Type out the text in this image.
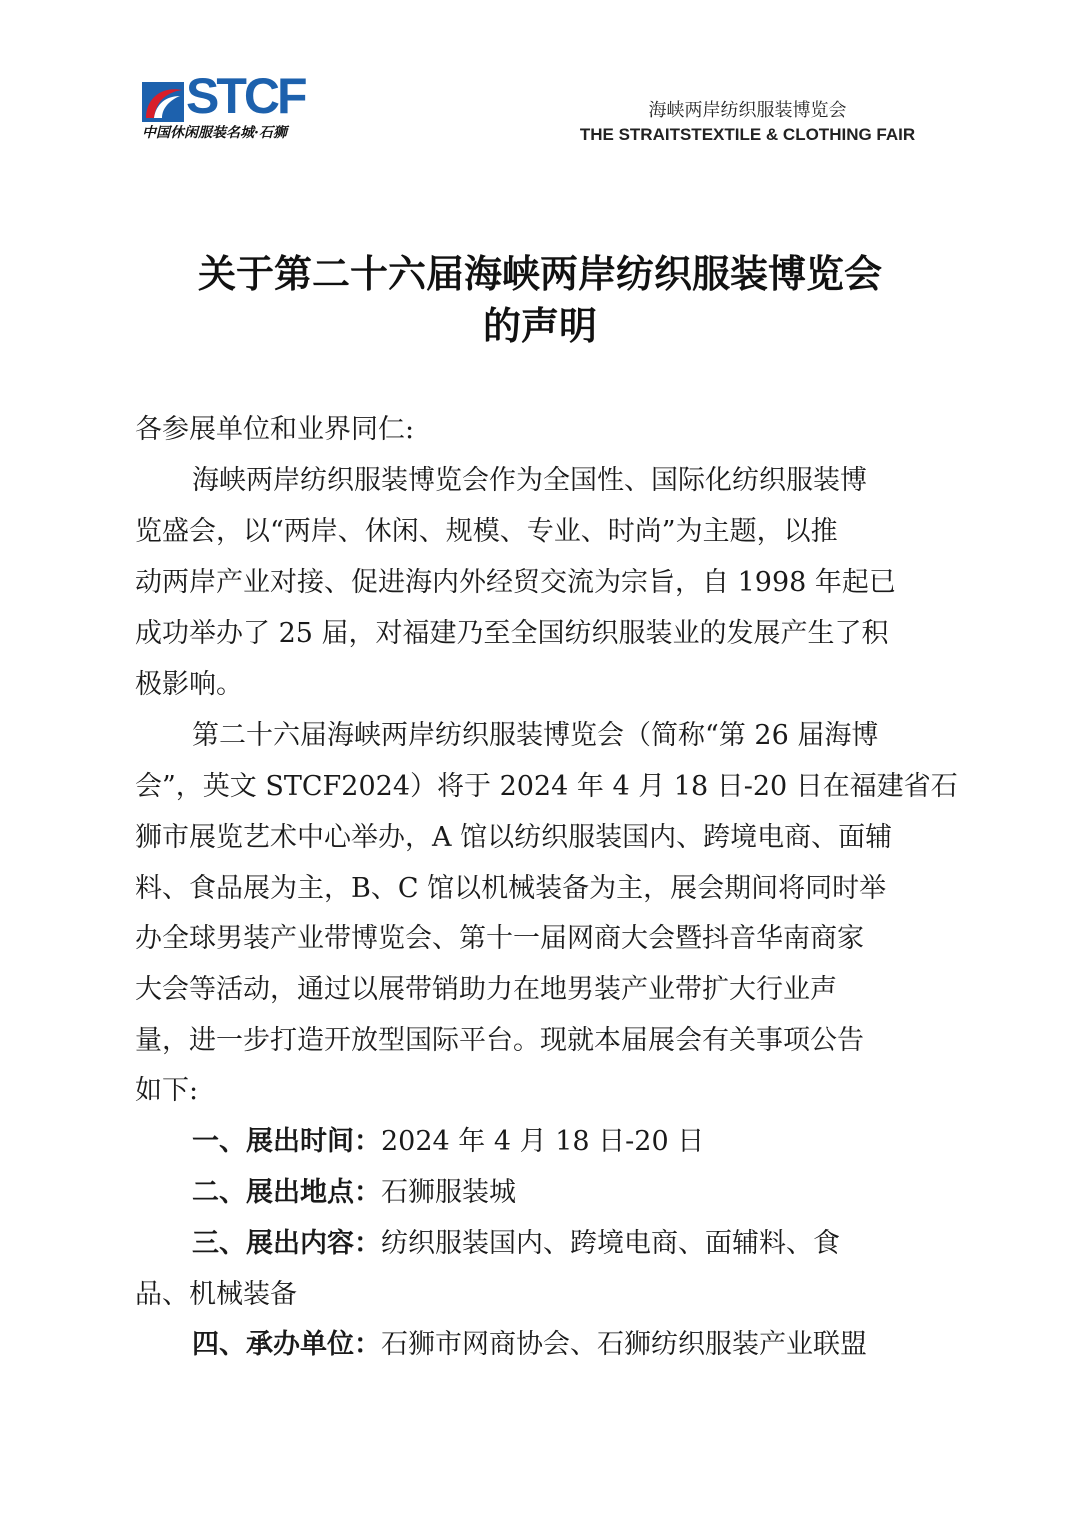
STCF
中国休闲服装名城·石狮
海峡两岸纺织服装博览会
THE STRAITSTEXTILE & CLOTHING FAIR
关于第二十六届海峡两岸纺织服装博览会
的声明
各参展单位和业界同仁:
海峡两岸纺织服装博览会作为全国性、国际化纺织服装博
览盛会，以“两岸、休闲、规模、专业、时尚”为主题，以推
动两岸产业对接、促进海内外经贸交流为宗旨，自 1998 年起已
成功举办了 25 届，对福建乃至全国纺织服装业的发展产生了积
极影响。
第二十六届海峡两岸纺织服装博览会（简称“第 26 届海博
会”，英文 STCF2024）将于 2024 年 4 月 18 日-20 日在福建省石
狮市展览艺术中心举办，A 馆以纺织服装国内、跨境电商、面辅
料、食品展为主，B、C 馆以机械装备为主，展会期间将同时举
办全球男装产业带博览会、第十一届网商大会暨抖音华南商家
大会等活动，通过以展带销助力在地男装产业带扩大行业声
量，进一步打造开放型国际平台。现就本届展会有关事项公告
如下:
一、展出时间：2024 年 4 月 18 日-20 日
二、展出地点：石狮服装城
三、展出内容：纺织服装国内、跨境电商、面辅料、食
品、机械装备
四、承办单位：石狮市网商协会、石狮纺织服装产业联盟
